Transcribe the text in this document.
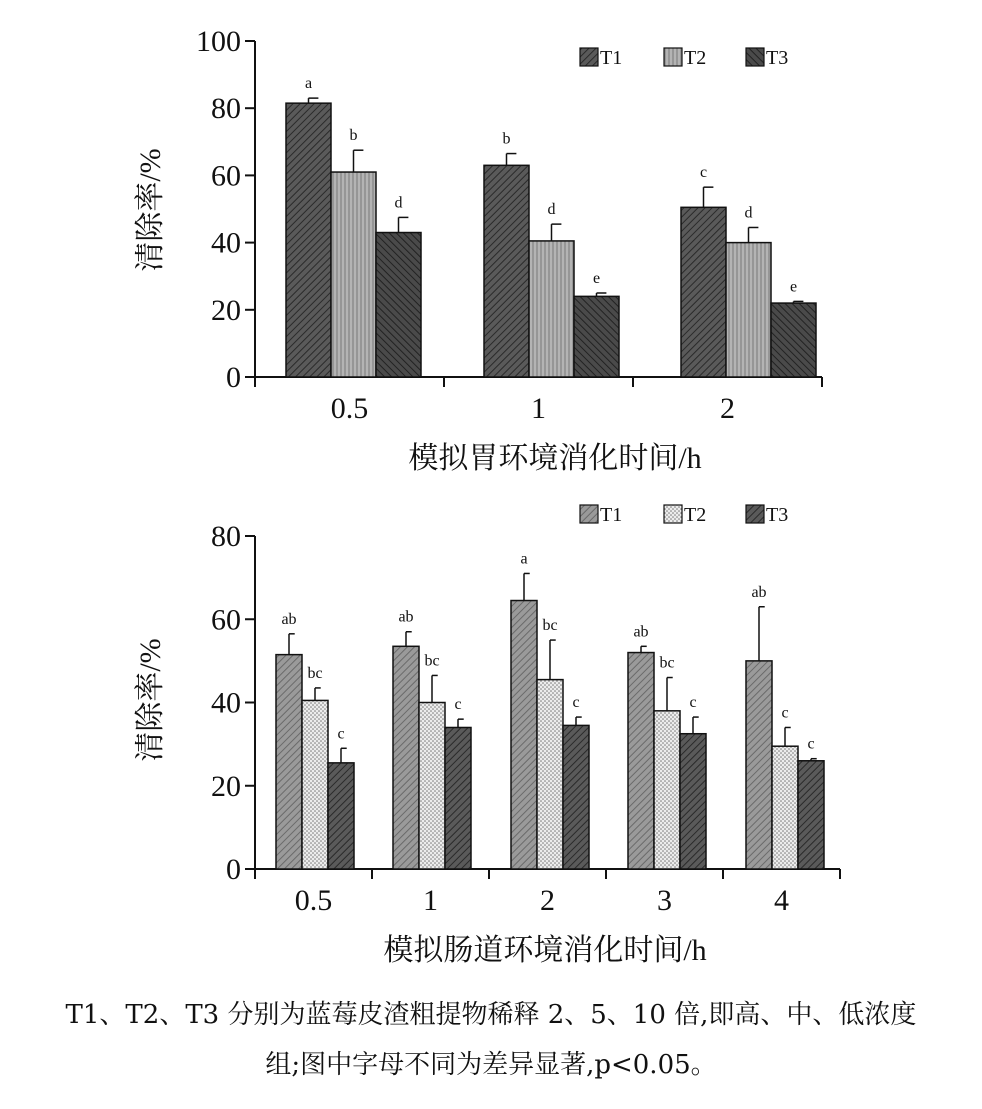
0
20
40
60
80
100
0.5	1	2
a
b
d
b
d
e
c
d
e
T1	T2	T3
模拟胃环境消化时间/h
清除率/%
0
20
40
60
80
0.5	1	2	3	4
ab
bc
c
ab
bc
c
a
bc
c
ab
bc
c
ab
c
c
T1	T2	T3
模拟肠道环境消化时间/h
清除率/%
T1、T2、T3 分别为蓝莓皮渣粗提物稀释 2、5、10 倍,即高、中、低浓度
组;图中字母不同为差异显著,p<0.05。
